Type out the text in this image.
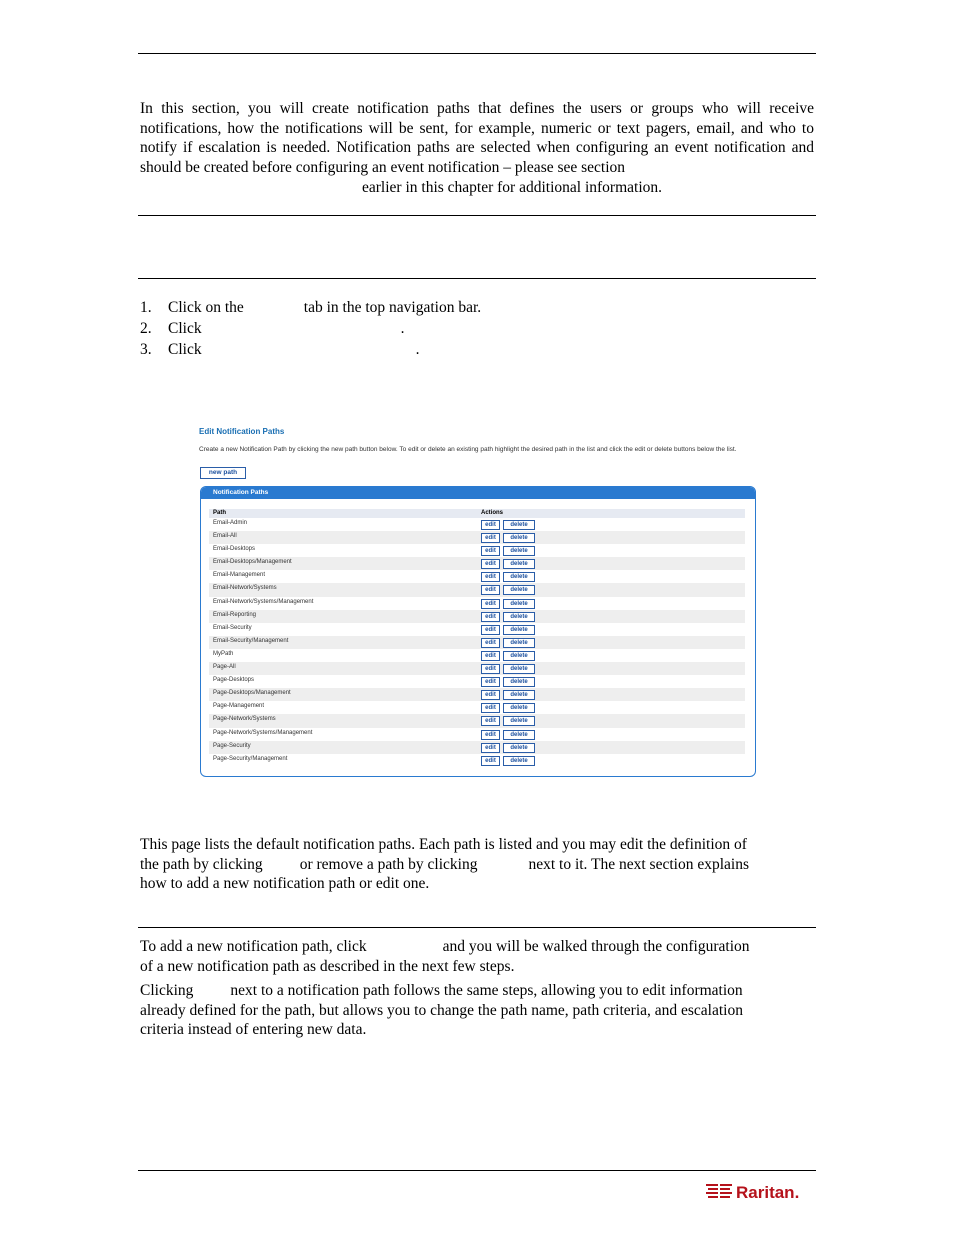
In this section, you will create notification paths that defines the users or groups who will receive notifications, how the notifications will be sent, for example, numeric or text pagers, email, and who to notify if escalation is needed. Notification paths are selected when configuring an event notification and should be created before configuring an event notification – please see section

earlier in this chapter for additional information.

1.	Click on the	tab in the top navigation bar.
2.	Click	.
3.	Click	.
Edit Notification Paths
Create a new Notification Path by clicking the new path button below. To edit or delete an existing path highlight the desired path in the list and click the edit or delete buttons below the list.
new path
Notification Paths
Path	Actions
Email-Admin	edit	delete
Email-All	edit	delete
Email-Desktops	edit	delete
Email-Desktops/Management	edit	delete
Email-Management	edit	delete
Email-Network/Systems	edit	delete
Email-Network/Systems/Management	edit	delete
Email-Reporting	edit	delete
Email-Security	edit	delete
Email-Security/Management	edit	delete
MyPath	edit	delete
Page-All	edit	delete
Page-Desktops	edit	delete
Page-Desktops/Management	edit	delete
Page-Management	edit	delete
Page-Network/Systems	edit	delete
Page-Network/Systems/Management	edit	delete
Page-Security	edit	delete
Page-Security/Management	edit	delete

This page lists the default notification paths. Each path is listed and you may edit the definition of

the path by clicking or remove a path by clicking	next to it. The next section explains

how to add a new notification path or edit one.

To add a new notification path, click	and you will be walked through the configuration

of a new notification path as described in the next few steps.

Clicking next to a notification path follows the same steps, allowing you to edit information

already defined for the path, but allows you to change the path name, path criteria, and escalation

criteria instead of entering new data.

Raritan.
